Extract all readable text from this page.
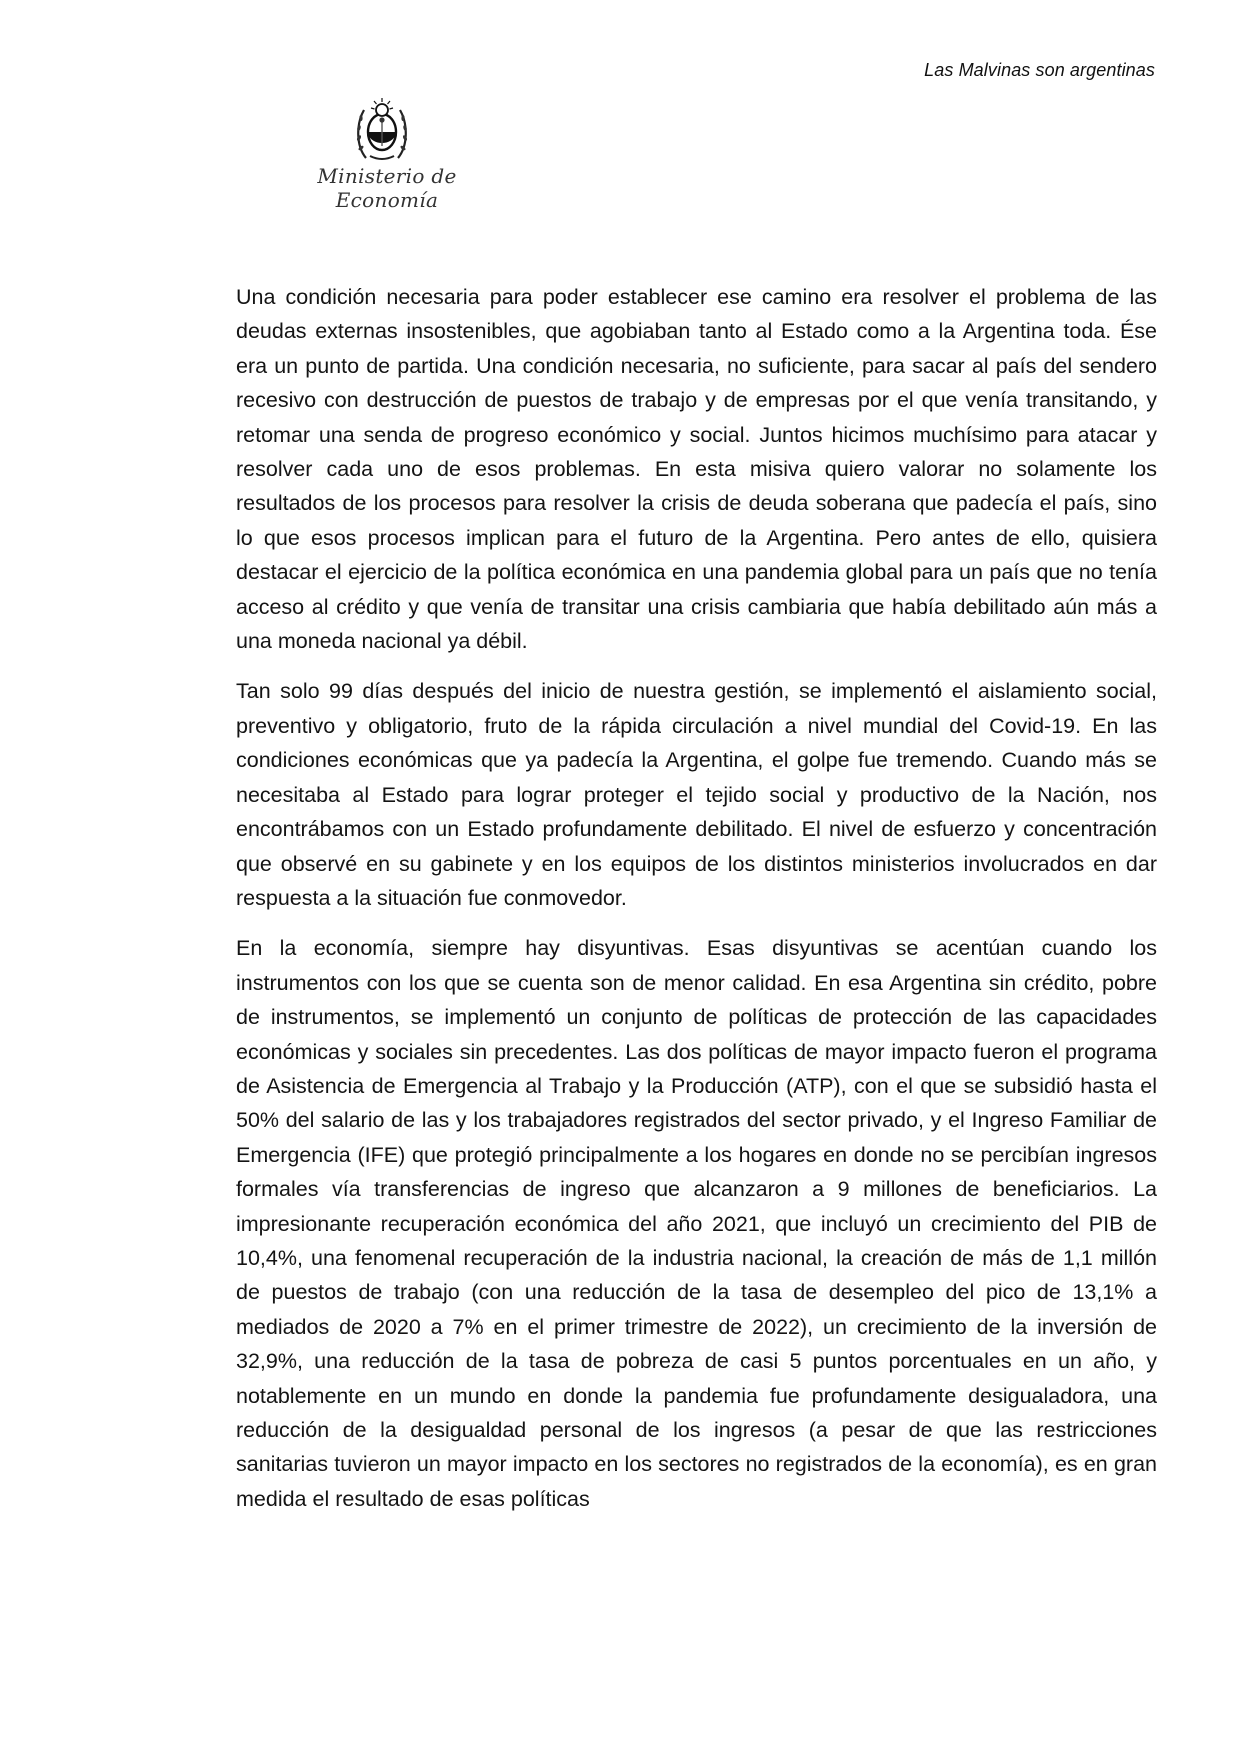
Las Malvinas son argentinas
Ministerio de Economía

Una condición necesaria para poder establecer ese camino era resolver el problema de las deudas externas insostenibles, que agobiaban tanto al Estado como a la Argentina toda. Ése era un punto de partida. Una condición necesaria, no suficiente, para sacar al país del sendero recesivo con destrucción de puestos de trabajo y de empresas por el que venía transitando, y retomar una senda de progreso económico y social. Juntos hicimos muchísimo para atacar y resolver cada uno de esos problemas. En esta misiva quiero valorar no solamente los resultados de los procesos para resolver la crisis de deuda soberana que padecía el país, sino lo que esos procesos implican para el futuro de la Argentina. Pero antes de ello, quisiera destacar el ejercicio de la política económica en una pandemia global para un país que no tenía acceso al crédito y que venía de transitar una crisis cambiaria que había debilitado aún más a una moneda nacional ya débil.

Tan solo 99 días después del inicio de nuestra gestión, se implementó el aislamiento social, preventivo y obligatorio, fruto de la rápida circulación a nivel mundial del Covid-19. En las condiciones económicas que ya padecía la Argentina, el golpe fue tremendo. Cuando más se necesitaba al Estado para lograr proteger el tejido social y productivo de la Nación, nos encontrábamos con un Estado profundamente debilitado. El nivel de esfuerzo y concentración que observé en su gabinete y en los equipos de los distintos ministerios involucrados en dar respuesta a la situación fue conmovedor.

En la economía, siempre hay disyuntivas. Esas disyuntivas se acentúan cuando los instrumentos con los que se cuenta son de menor calidad. En esa Argentina sin crédito, pobre de instrumentos, se implementó un conjunto de políticas de protección de las capacidades económicas y sociales sin precedentes. Las dos políticas de mayor impacto fueron el programa de Asistencia de Emergencia al Trabajo y la Producción (ATP), con el que se subsidió hasta el 50% del salario de las y los trabajadores registrados del sector privado, y el Ingreso Familiar de Emergencia (IFE) que protegió principalmente a los hogares en donde no se percibían ingresos formales vía transferencias de ingreso que alcanzaron a 9 millones de beneficiarios. La impresionante recuperación económica del año 2021, que incluyó un crecimiento del PIB de 10,4%, una fenomenal recuperación de la industria nacional, la creación de más de 1,1 millón de puestos de trabajo (con una reducción de la tasa de desempleo del pico de 13,1% a mediados de 2020 a 7% en el primer trimestre de 2022), un crecimiento de la inversión de 32,9%, una reducción de la tasa de pobreza de casi 5 puntos porcentuales en un año, y notablemente en un mundo en donde la pandemia fue profundamente desigualadora, una reducción de la desigualdad personal de los ingresos (a pesar de que las restricciones sanitarias tuvieron un mayor impacto en los sectores no registrados de la economía), es en gran medida el resultado de esas políticas
